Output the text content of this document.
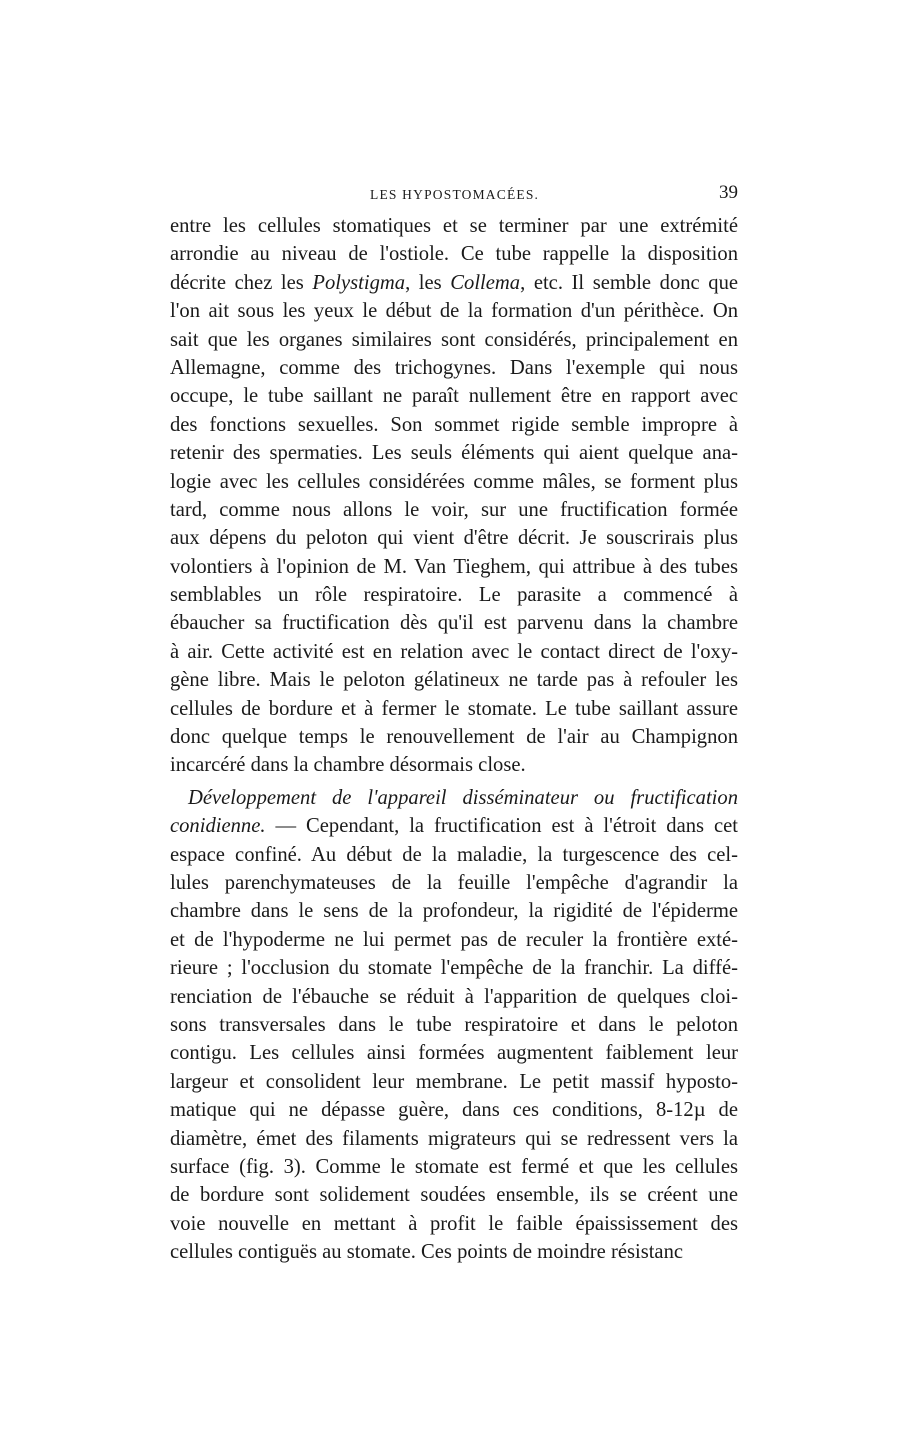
LES HYPOSTOMACÉES.	39
entre les cellules stomatiques et se terminer par une extrémité
arrondie au niveau de l'ostiole. Ce tube rappelle la disposition
décrite chez les Polystigma, les Collema, etc. Il semble donc que
l'on ait sous les yeux le début de la formation d'un périthèce. On
sait que les organes similaires sont considérés, principalement en
Allemagne, comme des trichogynes. Dans l'exemple qui nous
occupe, le tube saillant ne paraît nullement être en rapport avec
des fonctions sexuelles. Son sommet rigide semble impropre à
retenir des spermaties. Les seuls éléments qui aient quelque ana-
logie avec les cellules considérées comme mâles, se forment plus
tard, comme nous allons le voir, sur une fructification formée
aux dépens du peloton qui vient d'être décrit. Je souscrirais plus
volontiers à l'opinion de M. Van Tieghem, qui attribue à des tubes
semblables un rôle respiratoire. Le parasite a commencé à
ébaucher sa fructification dès qu'il est parvenu dans la chambre
à air. Cette activité est en relation avec le contact direct de l'oxy-
gène libre. Mais le peloton gélatineux ne tarde pas à refouler les
cellules de bordure et à fermer le stomate. Le tube saillant assure
donc quelque temps le renouvellement de l'air au Champignon
incarcéré dans la chambre désormais close.
Développement de l'appareil disséminateur ou fructification
conidienne. — Cependant, la fructification est à l'étroit dans cet
espace confiné. Au début de la maladie, la turgescence des cel-
lules parenchymateuses de la feuille l'empêche d'agrandir la
chambre dans le sens de la profondeur, la rigidité de l'épiderme
et de l'hypoderme ne lui permet pas de reculer la frontière exté-
rieure ; l'occlusion du stomate l'empêche de la franchir. La diffé-
renciation de l'ébauche se réduit à l'apparition de quelques cloi-
sons transversales dans le tube respiratoire et dans le peloton
contigu. Les cellules ainsi formées augmentent faiblement leur
largeur et consolident leur membrane. Le petit massif hyposto-
matique qui ne dépasse guère, dans ces conditions, 8-12µ de
diamètre, émet des filaments migrateurs qui se redressent vers la
surface (fig. 3). Comme le stomate est fermé et que les cellules
de bordure sont solidement soudées ensemble, ils se créent une
voie nouvelle en mettant à profit le faible épaississement des
cellules contiguës au stomate. Ces points de moindre résistanc
